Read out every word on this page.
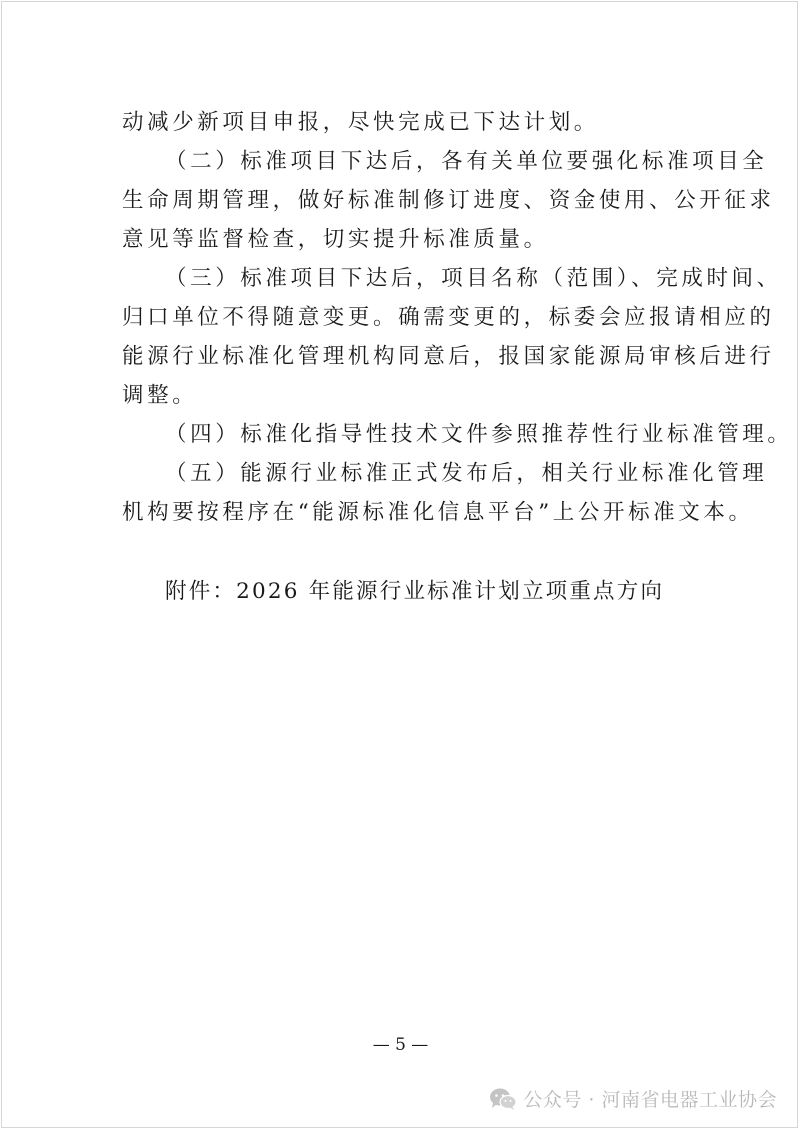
动减少新项目申报，尽快完成已下达计划。
（二）标准项目下达后，各有关单位要强化标准项目全
生命周期管理，做好标准制修订进度、资金使用、公开征求
意见等监督检查，切实提升标准质量。
（三）标准项目下达后，项目名称（范围）、完成时间、
归口单位不得随意变更。确需变更的，标委会应报请相应的
能源行业标准化管理机构同意后，报国家能源局审核后进行
调整。
（四）标准化指导性技术文件参照推荐性行业标准管理。
（五）能源行业标准正式发布后，相关行业标准化管理
机构要按程序在“能源标准化信息平台”上公开标准文本。
附件：2026 年能源行业标准计划立项重点方向
— 5 —
公众号 · 河南省电器工业协会
